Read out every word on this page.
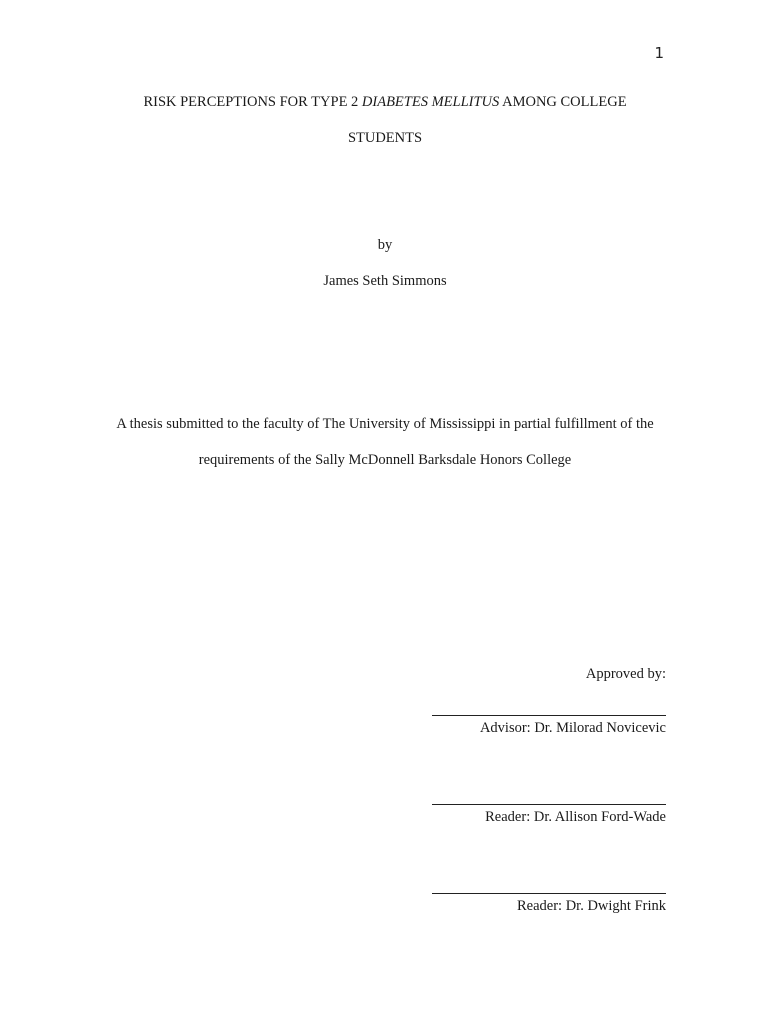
1
RISK PERCEPTIONS FOR TYPE 2 DIABETES MELLITUS AMONG COLLEGE
STUDENTS
by
James Seth Simmons
A thesis submitted to the faculty of The University of Mississippi in partial fulfillment of the
requirements of the Sally McDonnell Barksdale Honors College
Approved by:
Advisor: Dr. Milorad Novicevic
Reader: Dr. Allison Ford-Wade
Reader: Dr. Dwight Frink
